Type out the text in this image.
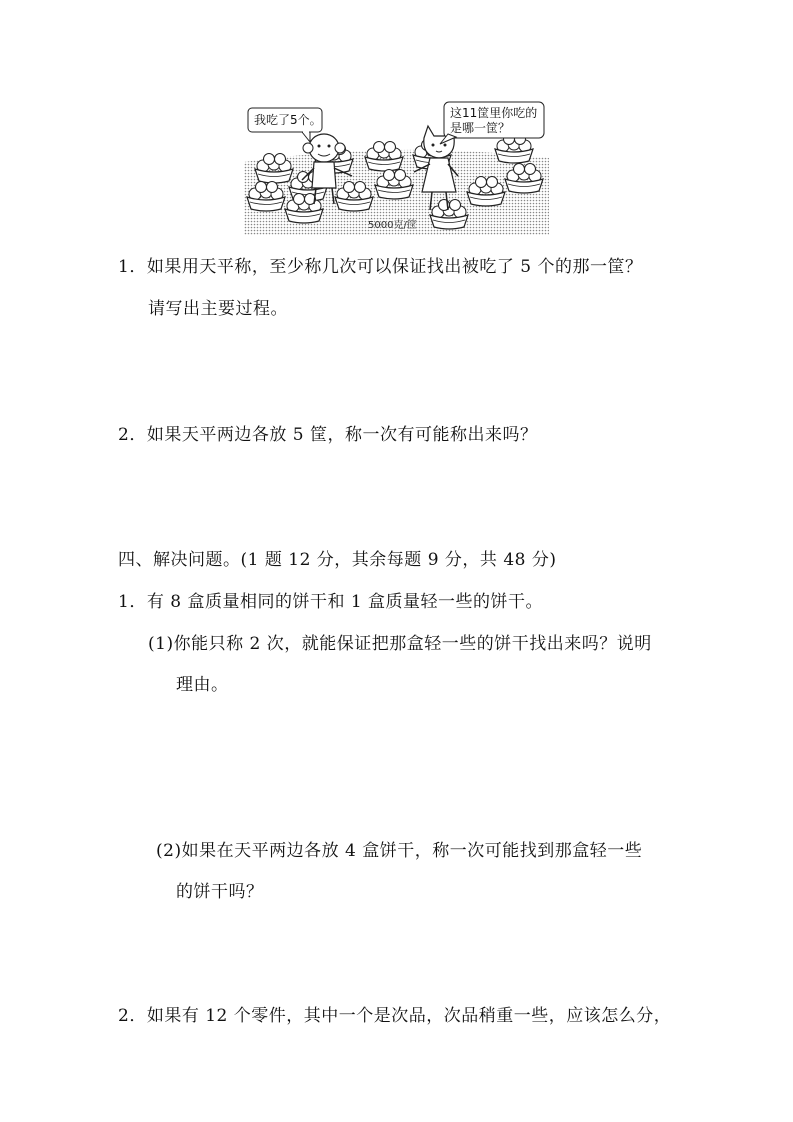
我吃了5个。	这11筐里你吃的
是哪一筐？
5000克/筐
1．如果用天平称，至少称几次可以保证找出被吃了 5 个的那一筐？
请写出主要过程。
2．如果天平两边各放 5 筐，称一次有可能称出来吗？
四、解决问题。(1 题 12 分，其余每题 9 分，共 48 分)
1．有 8 盒质量相同的饼干和 1 盒质量轻一些的饼干。
(1)你能只称 2 次，就能保证把那盒轻一些的饼干找出来吗？说明
理由。
(2)如果在天平两边各放 4 盒饼干，称一次可能找到那盒轻一些
的饼干吗？
2．如果有 12 个零件，其中一个是次品，次品稍重一些，应该怎么分，
